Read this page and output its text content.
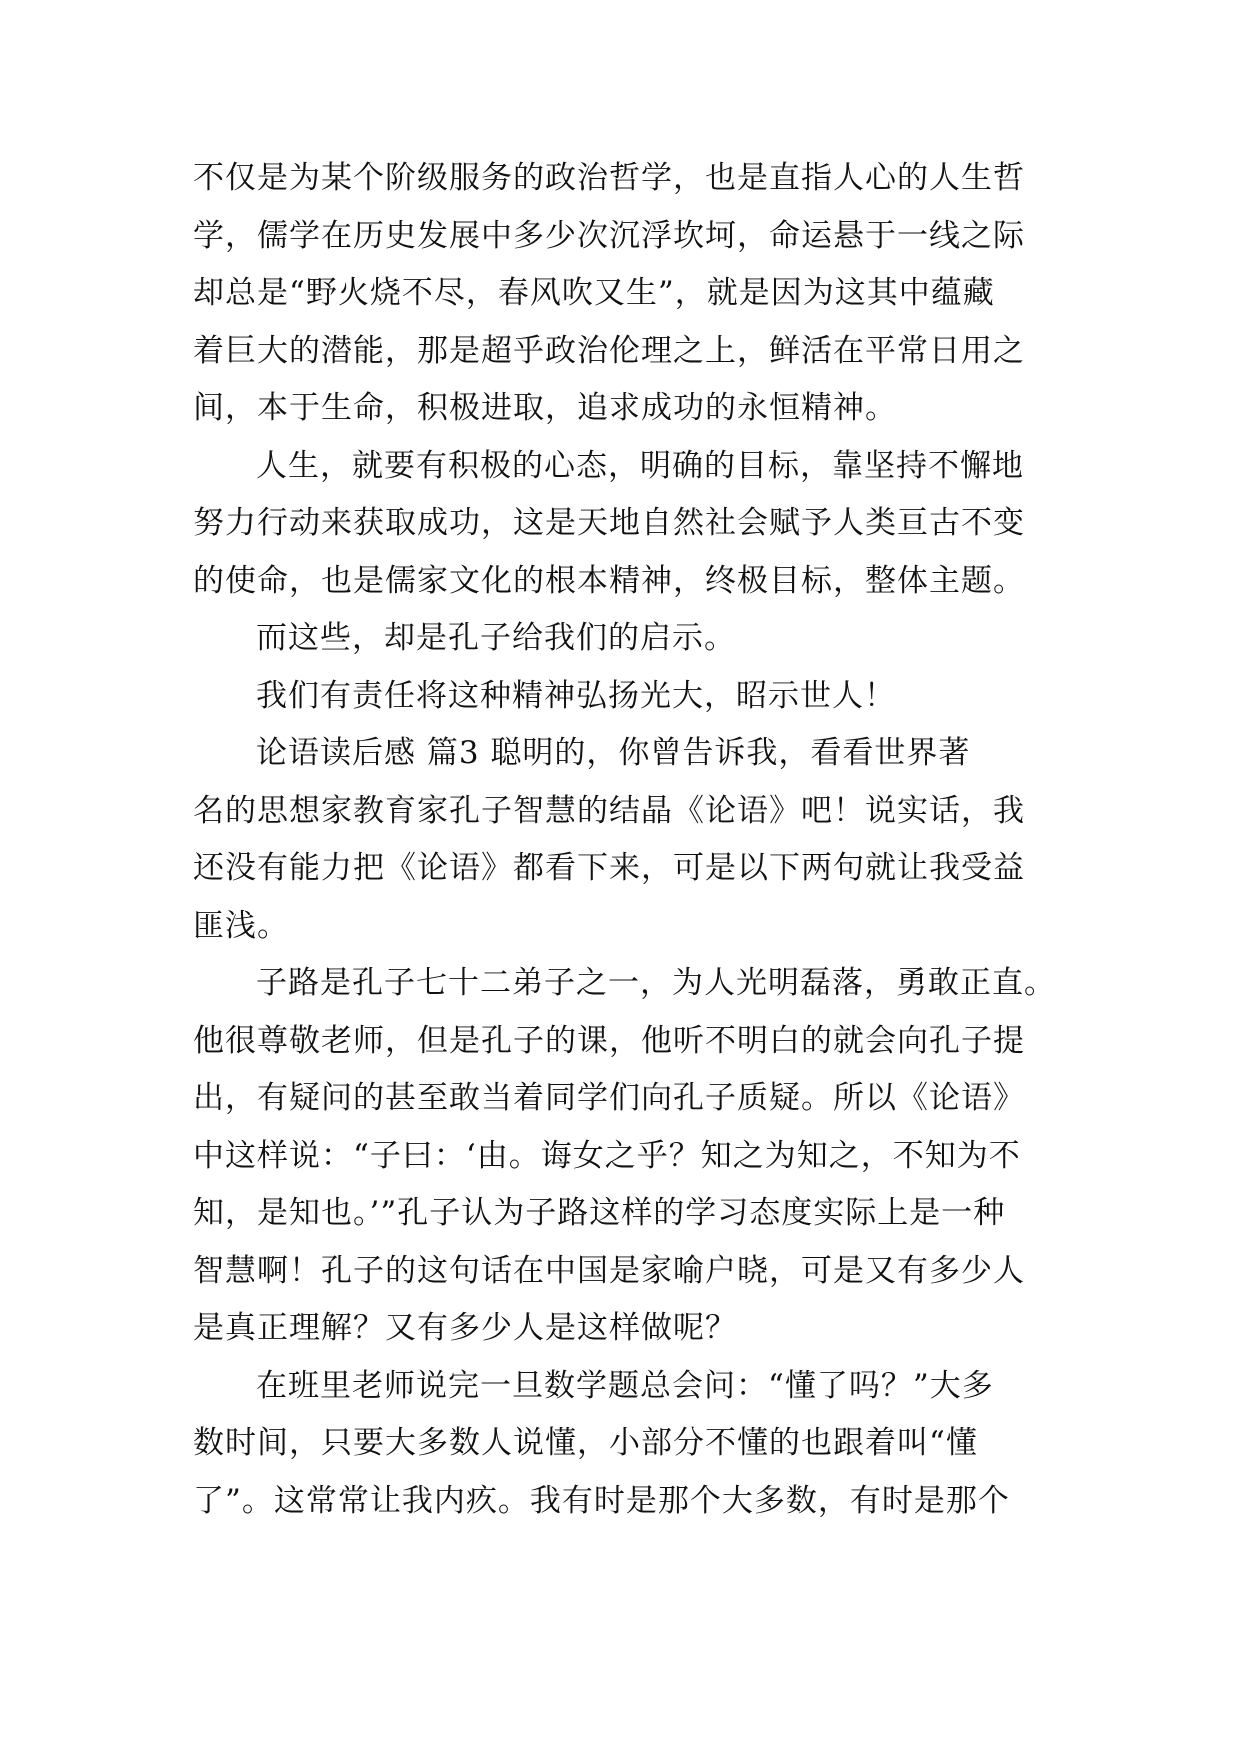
不仅是为某个阶级服务的政治哲学，也是直指人心的人生哲
学，儒学在历史发展中多少次沉浮坎坷，命运悬于一线之际
却总是“野火烧不尽，春风吹又生”，就是因为这其中蕴藏
着巨大的潜能，那是超乎政治伦理之上，鲜活在平常日用之
间，本于生命，积极进取，追求成功的永恒精神。
人生，就要有积极的心态，明确的目标，靠坚持不懈地
努力行动来获取成功，这是天地自然社会赋予人类亘古不变
的使命，也是儒家文化的根本精神，终极目标，整体主题。
而这些，却是孔子给我们的启示。
我们有责任将这种精神弘扬光大，昭示世人！
论语读后感 篇3 聪明的，你曾告诉我，看看世界著
名的思想家教育家孔子智慧的结晶《论语》吧！说实话，我
还没有能力把《论语》都看下来，可是以下两句就让我受益
匪浅。
子路是孔子七十二弟子之一，为人光明磊落，勇敢正直。
他很尊敬老师，但是孔子的课，他听不明白的就会向孔子提
出，有疑问的甚至敢当着同学们向孔子质疑。所以《论语》
中这样说：“子曰：‘由。诲女之乎？知之为知之，不知为不
知，是知也。’”孔子认为子路这样的学习态度实际上是一种
智慧啊！孔子的这句话在中国是家喻户晓，可是又有多少人
是真正理解？又有多少人是这样做呢？
在班里老师说完一旦数学题总会问：“懂了吗？”大多
数时间，只要大多数人说懂，小部分不懂的也跟着叫“懂
了”。这常常让我内疚。我有时是那个大多数，有时是那个
